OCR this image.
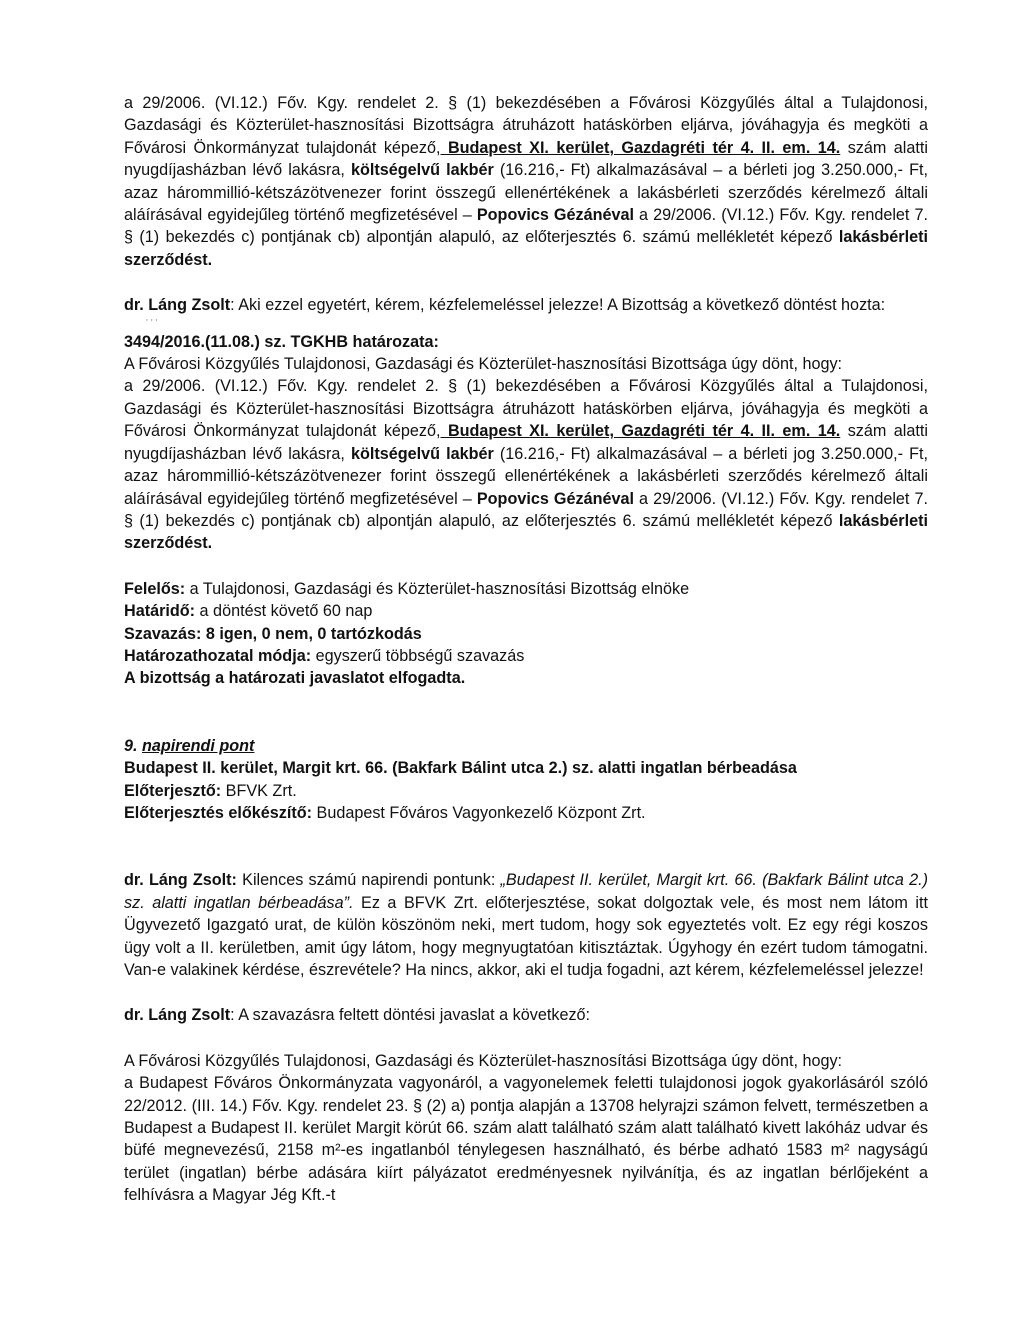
a 29/2006. (VI.12.) Főv. Kgy. rendelet 2. § (1) bekezdésében a Fővárosi Közgyűlés által a Tulajdonosi, Gazdasági és Közterület-hasznosítási Bizottságra átruházott hatáskörben eljárva, jóváhagyja és megköti a Fővárosi Önkormányzat tulajdonát képező, Budapest XI. kerület, Gazdagréti tér 4. II. em. 14. szám alatti nyugdíjasházban lévő lakásra, költségelvű lakbér (16.216,- Ft) alkalmazásával – a bérleti jog 3.250.000,- Ft, azaz hárommillió-kétszázötvenezer forint összegű ellenértékének a lakásbérleti szerződés kérelmező általi aláírásával egyidejűleg történő megfizetésével – Popovics Gézánéval a 29/2006. (VI.12.) Főv. Kgy. rendelet 7. § (1) bekezdés c) pontjának cb) alpontján alapuló, az előterjesztés 6. számú mellékletét képező lakásbérleti szerződést.

dr. Láng Zsolt: Aki ezzel egyetért, kérem, kézfelemeléssel jelezze! A Bizottság a következő döntést hozta:

' ' '

3494/2016.(11.08.) sz. TGKHB határozata:

A Fővárosi Közgyűlés Tulajdonosi, Gazdasági és Közterület-hasznosítási Bizottsága úgy dönt, hogy:

a 29/2006. (VI.12.) Főv. Kgy. rendelet 2. § (1) bekezdésében a Fővárosi Közgyűlés által a Tulajdonosi, Gazdasági és Közterület-hasznosítási Bizottságra átruházott hatáskörben eljárva, jóváhagyja és megköti a Fővárosi Önkormányzat tulajdonát képező, Budapest XI. kerület, Gazdagréti tér 4. II. em. 14. szám alatti nyugdíjasházban lévő lakásra, költségelvű lakbér (16.216,- Ft) alkalmazásával – a bérleti jog 3.250.000,- Ft, azaz hárommillió-kétszázötvenezer forint összegű ellenértékének a lakásbérleti szerződés kérelmező általi aláírásával egyidejűleg történő megfizetésével – Popovics Gézánéval a 29/2006. (VI.12.) Főv. Kgy. rendelet 7. § (1) bekezdés c) pontjának cb) alpontján alapuló, az előterjesztés 6. számú mellékletét képező lakásbérleti szerződést.

Felelős: a Tulajdonosi, Gazdasági és Közterület-hasznosítási Bizottság elnöke
Határidő: a döntést követő 60 nap
Szavazás: 8 igen, 0 nem, 0 tartózkodás
Határozathozatal módja: egyszerű többségű szavazás
A bizottság a határozati javaslatot elfogadta.
9. napirendi pont
Budapest II. kerület, Margit krt. 66. (Bakfark Bálint utca 2.) sz. alatti ingatlan bérbeadása
Előterjesztő: BFVK Zrt.
Előterjesztés előkészítő: Budapest Főváros Vagyonkezelő Központ Zrt.

dr. Láng Zsolt: Kilences számú napirendi pontunk: „Budapest II. kerület, Margit krt. 66. (Bakfark Bálint utca 2.) sz. alatti ingatlan bérbeadása”. Ez a BFVK Zrt. előterjesztése, sokat dolgoztak vele, és most nem látom itt Ügyvezető Igazgató urat, de külön köszönöm neki, mert tudom, hogy sok egyeztetés volt. Ez egy régi koszos ügy volt a II. kerületben, amit úgy látom, hogy megnyugtatóan kitisztáztak. Úgyhogy én ezért tudom támogatni. Van-e valakinek kérdése, észrevétele? Ha nincs, akkor, aki el tudja fogadni, azt kérem, kézfelemeléssel jelezze!

dr. Láng Zsolt: A szavazásra feltett döntési javaslat a következő:

A Fővárosi Közgyűlés Tulajdonosi, Gazdasági és Közterület-hasznosítási Bizottsága úgy dönt, hogy:

a Budapest Főváros Önkormányzata vagyonáról, a vagyonelemek feletti tulajdonosi jogok gyakorlásáról szóló 22/2012. (III. 14.) Főv. Kgy. rendelet 23. § (2) a) pontja alapján a 13708 helyrajzi számon felvett, természetben a Budapest a Budapest II. kerület Margit körút 66. szám alatt található szám alatt található kivett lakóház udvar és büfé megnevezésű, 2158 m²-es ingatlanból ténylegesen használható, és bérbe adható 1583 m² nagyságú terület (ingatlan) bérbe adására kiírt pályázatot eredményesnek nyilvánítja, és az ingatlan bérlőjeként a felhívásra a Magyar Jég Kft.-t
